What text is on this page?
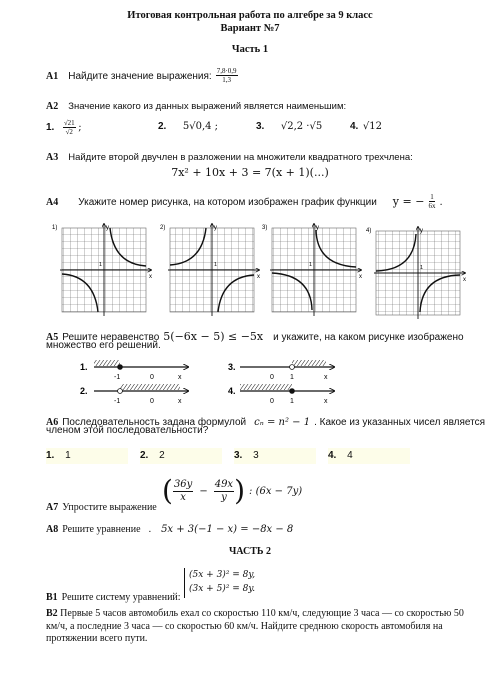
Итоговая контрольная работа по алгебре за 9 класс
Вариант №7
Часть 1
А1 Найдите значение выражения: $\frac{7,8\cdot 0,9}{1,3}$
А2 Значение какого из данных выражений является наименьшим:
1. $\frac{√21}{√2}$ ;	2. 5√0,4 ;	3. √2,2 ·√5	4. √12
А3 Найдите второй двучлен в разложении на множители квадратного трехчлена:
7x² + 10x + 3 = 7(x + 1)(...)
А4 Укажите номер рисунка, на котором изображен график функции y = − $\frac{1}{6x}$ .
1)
x
y
1
2)
x
y
1
3)
x
y
1
4)
x
y
1
А5 Решите неравенство 5(−6x − 5) ≤ −5x и укажите, на каком рисунке изображено
множество его решений.
1.
-1	0	x
2.
-1	0	x
3.
0 1	x
4.
0 1	x
А6 Последовательность задана формулой cₙ = n² − 1 . Какое из указанных чисел является
членом этой последовательности?
1. 1	2. 2	3. 3	4. 4
А7 Упростите выражение
( $\frac{36y}{x} - \frac{49x}{y}$ ) : (6x − 7y)
А8 Решите уравнение . 5x + 3(−1 − x) = −8x − 8
ЧАСТЬ 2
В1 Решите систему уравнений:
(5x + 3)² = 8y,
(3x + 5)² = 8y.
В2 Первые 5 часов автомобиль ехал со скоростью 110 км/ч, следующие 3 часа — со скоростью 50 км/ч, а последние 3 часа — со скоростью 60 км/ч. Найдите среднюю скорость автомобиля на протяжении всего пути.
